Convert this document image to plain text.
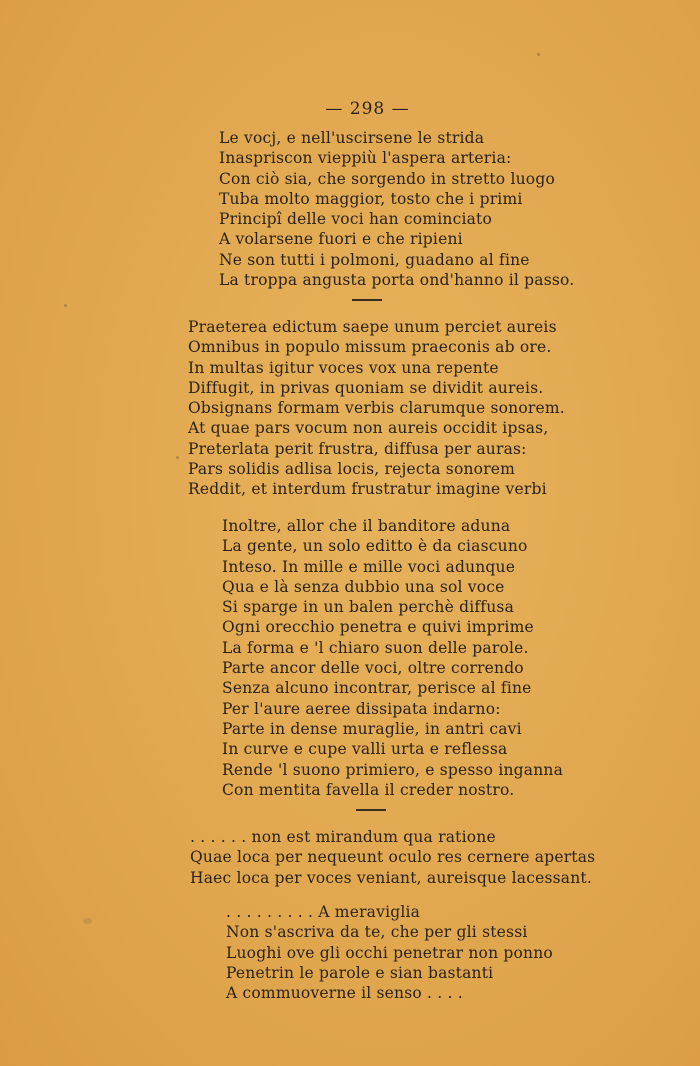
— 298 —
Le vocj, e nell'uscirsene le strida
Inaspriscon vieppiù l'aspera arteria:
Con ciò sia, che sorgendo in stretto luogo
Tuba molto maggior, tosto che i primi
Principî delle voci han cominciato
A volarsene fuori e che ripieni
Ne son tutti i polmoni, guadano al fine
La troppa angusta porta ond'hanno il passo.
Praeterea edictum saepe unum perciet aureis
Omnibus in populo missum praeconis ab ore.
In multas igitur voces vox una repente
Diffugit, in privas quoniam se dividit aureis.
Obsignans formam verbis clarumque sonorem.
At quae pars vocum non aureis occidit ipsas,
Preterlata perit frustra, diffusa per auras:
Pars solidis adlisa locis, rejecta sonorem
Reddit, et interdum frustratur imagine verbi
Inoltre, allor che il banditore aduna
La gente, un solo editto è da ciascuno
Inteso. In mille e mille voci adunque
Qua e là senza dubbio una sol voce
Si sparge in un balen perchè diffusa
Ogni orecchio penetra e quivi imprime
La forma e 'l chiaro suon delle parole.
Parte ancor delle voci, oltre correndo
Senza alcuno incontrar, perisce al fine
Per l'aure aeree dissipata indarno:
Parte in dense muraglie, in antri cavi
In curve e cupe valli urta e reflessa
Rende 'l suono primiero, e spesso inganna
Con mentita favella il creder nostro.
. . . . . . non est mirandum qua ratione
Quae loca per nequeunt oculo res cernere apertas
Haec loca per voces veniant, aureisque lacessant.
. . . . . . . . . A meraviglia
Non s'ascriva da te, che per gli stessi
Luoghi ove gli occhi penetrar non ponno
Penetrin le parole e sian bastanti
A commuoverne il senso . . . .
